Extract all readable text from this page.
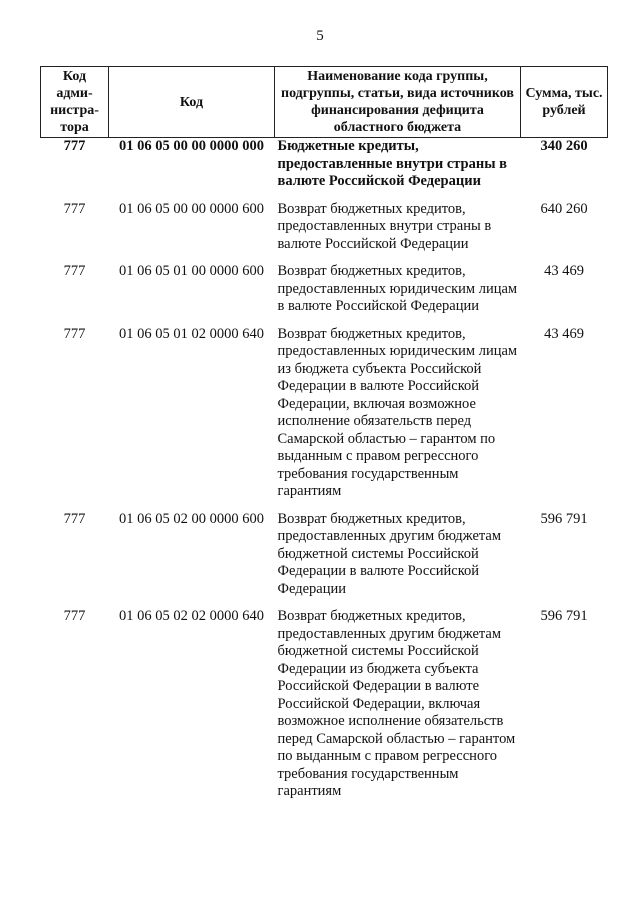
5
Код адми-нистра-тора	Код	Наименование кода группы, подгруппы, статьи, вида источников финансирования дефицита областного бюджета	Сумма, тыс. рублей
777	01 06 05 00 00 0000 000	Бюджетные кредиты, предоставленные внутри страны в валюте Российской Федерации	340 260
777	01 06 05 00 00 0000 600	Возврат бюджетных кредитов, предоставленных внутри страны в валюте Российской Федерации	640 260
777	01 06 05 01 00 0000 600	Возврат бюджетных кредитов, предоставленных юридическим лицам в валюте Российской Федерации	43 469
777	01 06 05 01 02 0000 640	Возврат бюджетных кредитов, предоставленных юридическим лицам из бюджета субъекта Российской Федерации в валюте Российской Федерации, включая возможное исполнение обязательств перед Самарской областью – гарантом по выданным с правом регрессного требования государственным гарантиям	43 469
777	01 06 05 02 00 0000 600	Возврат бюджетных кредитов, предоставленных другим бюджетам бюджетной системы Российской Федерации в валюте Российской Федерации	596 791
777	01 06 05 02 02 0000 640	Возврат бюджетных кредитов, предоставленных другим бюджетам бюджетной системы Российской Федерации из бюджета субъекта Российской Федерации в валюте Российской Федерации, включая возможное исполнение обязательств перед Самарской областью – гарантом по выданным с правом регрессного требования государственным гарантиям	596 791
